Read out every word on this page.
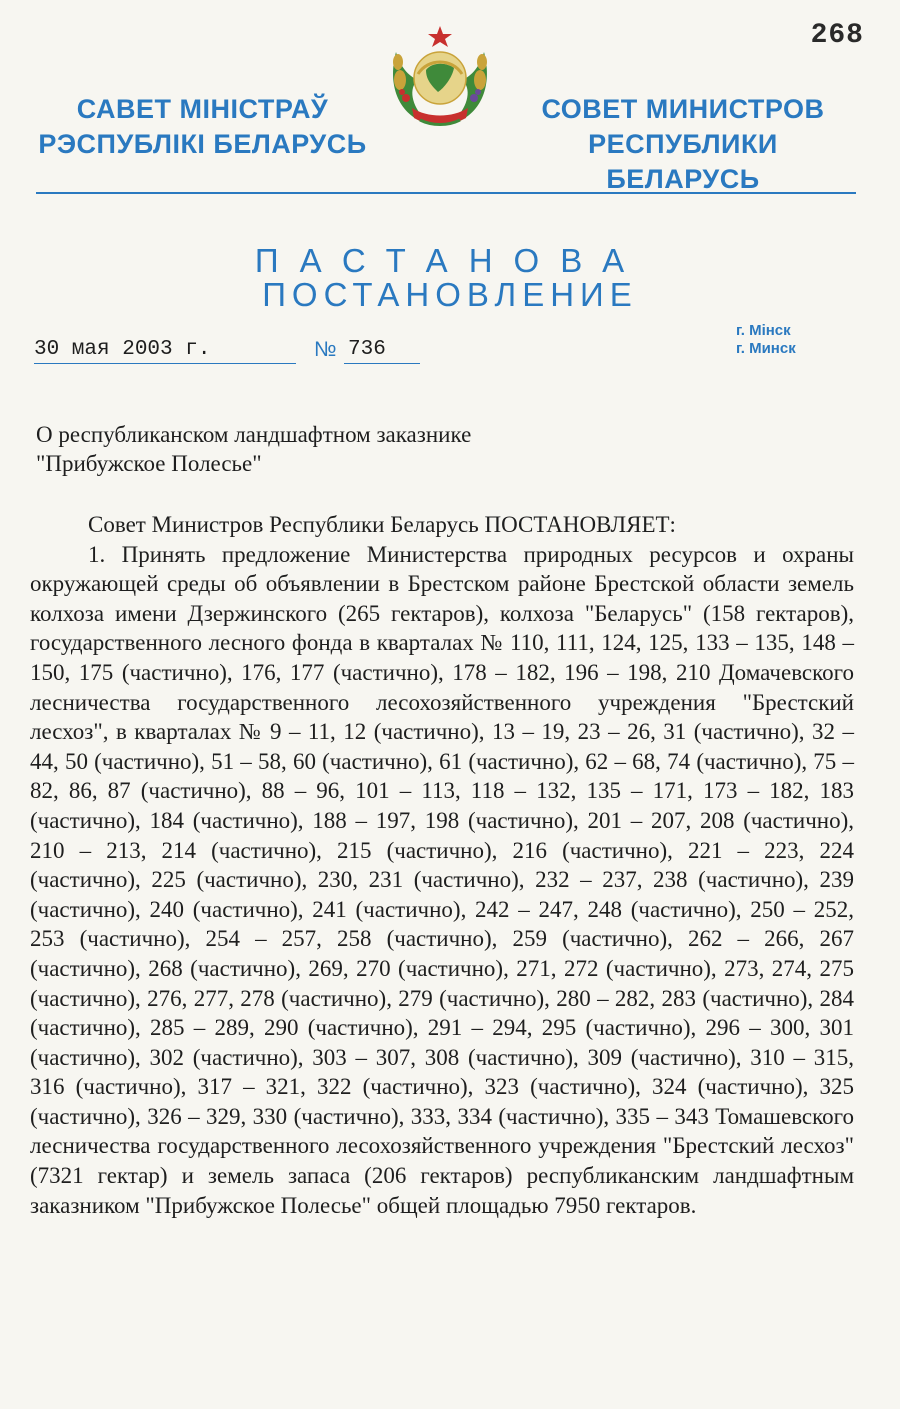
268
САВЕТ МІНІСТРАЎ
РЭСПУБЛІКІ БЕЛАРУСЬ
СОВЕТ МИНИСТРОВ
РЕСПУБЛИКИ БЕЛАРУСЬ
ПАСТАНОВА
ПОСТАНОВЛЕНИЕ
30 мая 2003 г.	№ 736
г. Мінск
г. Минск
О республиканском ландшафтном заказнике
"Прибужское Полесье"

Совет Министров Республики Беларусь ПОСТАНОВЛЯЕТ:

1. Принять предложение Министерства природных ресурсов и охраны окружающей среды об объявлении в Брестском районе Брестской области земель колхоза имени Дзержинского (265 гектаров), колхоза "Беларусь" (158 гектаров), государственного лесного фонда в кварталах № 110, 111, 124, 125, 133 – 135, 148 – 150, 175 (частично), 176, 177 (частично), 178 – 182, 196 – 198, 210 Домачевского лесничества государственного лесохозяйственного учреждения "Брестский лесхоз", в кварталах № 9 – 11, 12 (частично), 13 – 19, 23 – 26, 31 (частично), 32 – 44, 50 (частично), 51 – 58, 60 (частично), 61 (частично), 62 – 68, 74 (частично), 75 – 82, 86, 87 (частично), 88 – 96, 101 – 113, 118 – 132, 135 – 171, 173 – 182, 183 (частично), 184 (частично), 188 – 197, 198 (частично), 201 – 207, 208 (частично), 210 – 213, 214 (частично), 215 (частично), 216 (частично), 221 – 223, 224 (частично), 225 (частично), 230, 231 (частично), 232 – 237, 238 (частично), 239 (частично), 240 (частично), 241 (частично), 242 – 247, 248 (частично), 250 – 252, 253 (частично), 254 – 257, 258 (частично), 259 (частично), 262 – 266, 267 (частично), 268 (частично), 269, 270 (частично), 271, 272 (частично), 273, 274, 275 (частично), 276, 277, 278 (частично), 279 (частично), 280 – 282, 283 (частично), 284 (частично), 285 – 289, 290 (частично), 291 – 294, 295 (частично), 296 – 300, 301 (частично), 302 (частично), 303 – 307, 308 (частично), 309 (частично), 310 – 315, 316 (частично), 317 – 321, 322 (частично), 323 (частично), 324 (частично), 325 (частично), 326 – 329, 330 (частично), 333, 334 (частично), 335 – 343 Томашевского лесничества государственного лесохозяйственного учреждения "Брестский лесхоз" (7321 гектар) и земель запаса (206 гектаров) республиканским ландшафтным заказником "Прибужское Полесье" общей площадью 7950 гектаров.
